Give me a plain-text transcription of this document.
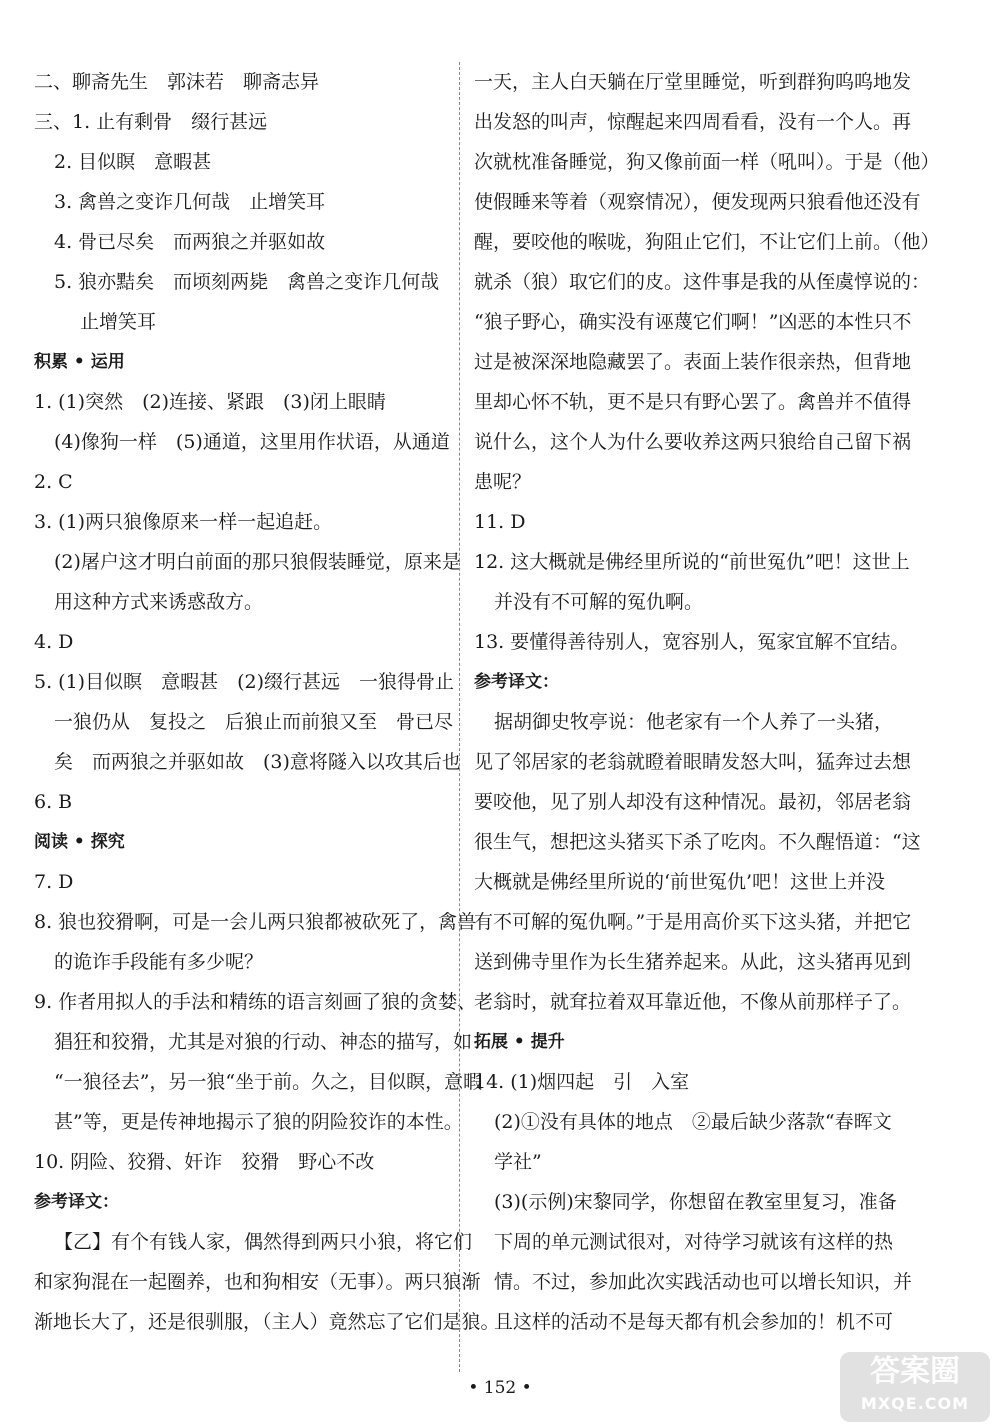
二、聊斋先生　郭沫若　聊斋志异
三、1. 止有剩骨　缀行甚远
2. 目似瞑　意暇甚
3. 禽兽之变诈几何哉　止增笑耳
4. 骨已尽矣　而两狼之并驱如故
5. 狼亦黠矣　而顷刻两毙　禽兽之变诈几何哉
止增笑耳
积累 • 运用
1. (1)突然　(2)连接、紧跟　(3)闭上眼睛
(4)像狗一样　(5)通道，这里用作状语，从通道
2. C
3. (1)两只狼像原来一样一起追赶。
(2)屠户这才明白前面的那只狼假装睡觉，原来是
用这种方式来诱惑敌方。
4. D
5. (1)目似瞑　意暇甚　(2)缀行甚远　一狼得骨止
一狼仍从　复投之　后狼止而前狼又至　骨已尽
矣　而两狼之并驱如故　(3)意将隧入以攻其后也
6. B
阅读 • 探究
7. D
8. 狼也狡猾啊，可是一会儿两只狼都被砍死了，禽兽
的诡诈手段能有多少呢？
9. 作者用拟人的手法和精练的语言刻画了狼的贪婪、
猖狂和狡猾，尤其是对狼的行动、神态的描写，如
“一狼径去”，另一狼“坐于前。久之，目似瞑，意暇
甚”等，更是传神地揭示了狼的阴险狡诈的本性。
10. 阴险、狡猾、奸诈　狡猾　野心不改
参考译文：
【乙】有个有钱人家，偶然得到两只小狼，将它们
和家狗混在一起圈养，也和狗相安（无事）。两只狼渐
渐地长大了，还是很驯服，（主人）竟然忘了它们是狼。
一天，主人白天躺在厅堂里睡觉，听到群狗呜呜地发
出发怒的叫声，惊醒起来四周看看，没有一个人。再
次就枕准备睡觉，狗又像前面一样（吼叫）。于是（他）
使假睡来等着（观察情况），便发现两只狼看他还没有
醒，要咬他的喉咙，狗阻止它们，不让它们上前。（他）
就杀（狼）取它们的皮。这件事是我的从侄虞惇说的：
“狼子野心，确实没有诬蔑它们啊！”凶恶的本性只不
过是被深深地隐藏罢了。表面上装作很亲热，但背地
里却心怀不轨，更不是只有野心罢了。禽兽并不值得
说什么，这个人为什么要收养这两只狼给自己留下祸
患呢？
11. D
12. 这大概就是佛经里所说的“前世冤仇”吧！这世上
并没有不可解的冤仇啊。
13. 要懂得善待别人，宽容别人，冤家宜解不宜结。
参考译文：
据胡御史牧亭说：他老家有一个人养了一头猪，
见了邻居家的老翁就瞪着眼睛发怒大叫，猛奔过去想
要咬他，见了别人却没有这种情况。最初，邻居老翁
很生气，想把这头猪买下杀了吃肉。不久醒悟道：“这
大概就是佛经里所说的‘前世冤仇’吧！这世上并没
有不可解的冤仇啊。”于是用高价买下这头猪，并把它
送到佛寺里作为长生猪养起来。从此，这头猪再见到
老翁时，就耷拉着双耳靠近他，不像从前那样子了。
拓展 • 提升
14. (1)烟四起　引　入室
(2)①没有具体的地点　②最后缺少落款“春晖文
学社”
(3)(示例)宋黎同学，你想留在教室里复习，准备
下周的单元测试很对，对待学习就该有这样的热
情。不过，参加此次实践活动也可以增长知识，并
且这样的活动不是每天都有机会参加的！机不可
• 152 •	答案圈
MXQE.COM
